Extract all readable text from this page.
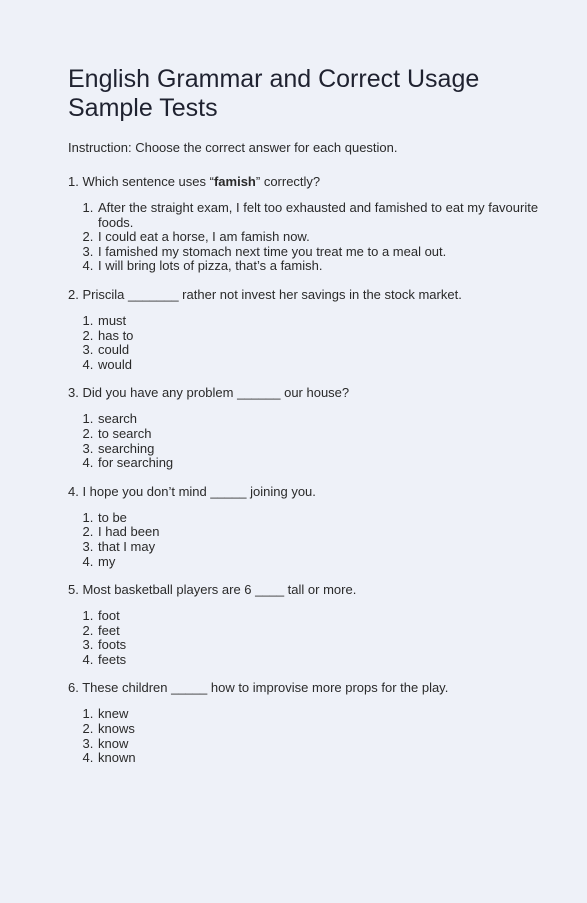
English Grammar and Correct Usage
Sample Tests

Instruction: Choose the correct answer for each question.

1. Which sentence uses “famish” correctly?

1. After the straight exam, I felt too exhausted and famished to eat my favourite foods.
2. I could eat a horse, I am famish now.
3. I famished my stomach next time you treat me to a meal out.
4. I will bring lots of pizza, that’s a famish.

2. Priscila _______ rather not invest her savings in the stock market.

1. must
2. has to
3. could
4. would

3. Did you have any problem ______ our house?

1. search
2. to search
3. searching
4. for searching

4. I hope you don’t mind _____ joining you.

1. to be
2. I had been
3. that I may
4. my

5. Most basketball players are 6 ____ tall or more.

1. foot
2. feet
3. foots
4. feets

6. These children _____ how to improvise more props for the play.

1. knew
2. knows
3. know
4. known
